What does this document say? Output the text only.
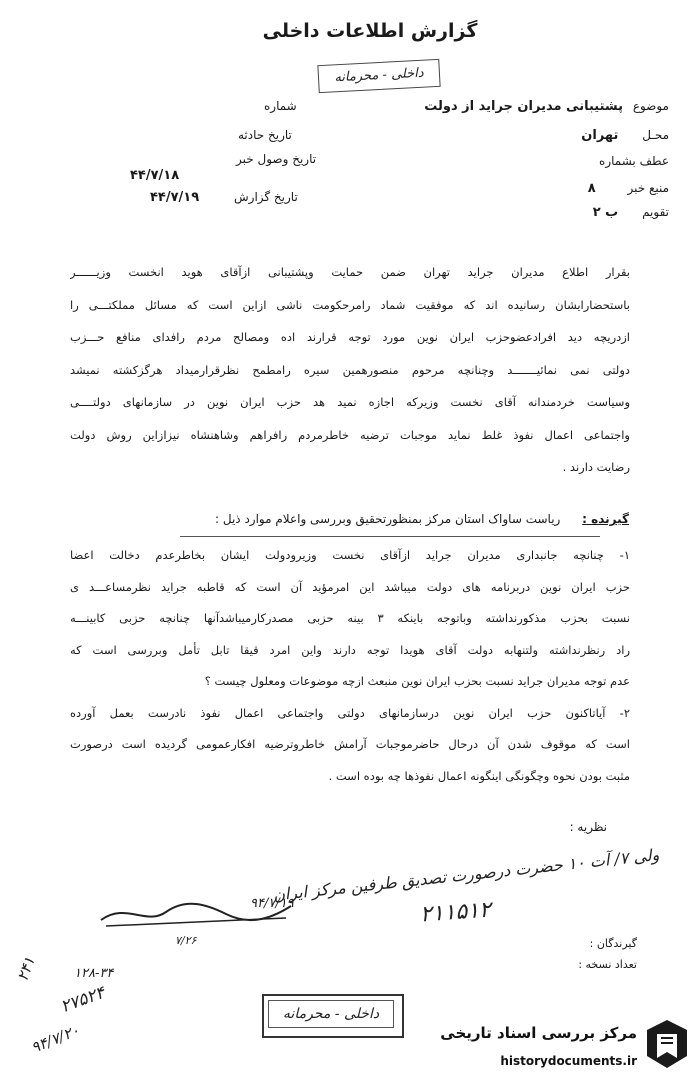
گزارش اطلاعات داخلی
داخلی - محرمانه
موضوع پشتیبانی مدیران جراید از دولت
شماره
محـل تهران
تاریخ حادثه
عطف بشماره
تاریخ وصول خبر
۴۴/۷/۱۸
منبع خبر ۸
تاریخ گزارش
۴۴/۷/۱۹
تقویم ب ۲
بقرار اطلاع مدیران جراید تهران ضمن حمایت وپشتیبانی ازآقای هوید انخست وزیــــــر
باستحضارایشان رسانیده اند که موفقیت شماد رامرحکومت ناشی ازاین است که مسائل مملکتـــی را
ازدریچه دید افرادعضوحزب ایران نوین مورد توجه قرارند اده ومصالح مردم رافدای منافع حـــزب
دولتی نمی نمائیـــــــد وچنانچه مرحوم منصورهمین سیره رامطمح نظرقرارمیداد هرگزکشته نمیشد
وسیاست خردمندانه آقای نخست وزیرکه اجازه نمید هد حزب ایران نوین در سازمانهای دولتــــی
واجتماعی اعمال نفوذ غلط نماید موجبات ترضیه خاطرمردم رافراهم وشاهنشاه نیزازاین روش دولت
رضایت دارند .
گیرنده : ریاست ساواک استان مرکز بمنظورتحقیق وبررسی واعلام موارد ذیل :
۱- چنانچه جانبداری مدیران جراید ازآقای نخست وزیرودولت ایشان بخاطرعدم دخالت اعضا
حزب ایران نوین دربرنامه های دولت میباشد این امرمؤید آن است که قاطبه جراید نظرمساعـــد ی
نسبت بحزب مذکورنداشته وباتوجه باینکه ۳ بینه حزبی مصدرکارمیباشدآنها چنانچه حزبی کابینـــه
راد رنظرنداشته ولتنهابه دولت آقای هویدا توجه دارند واین امرد قیقا تابل تأمل وبررسی است که
عدم توجه مدیران جراید نسبت بحزب ایران نوین منبعث ازچه موضوعات ومعلول چیست ؟
۲- آیاتاکنون حزب ایران نوین درسازمانهای دولتی واجتماعی اعمال نفوذ نادرست بعمل آورده
است که موقوف شدن آن درحال حاضرموجبات آرامش خاطروترضیه افکارعمومی گردیده است درصورت
مثبت بودن نحوه وچگونگی اینگونه اعمال نفوذها چه بوده است .
نظریه :
ولی ۷/ آت ۱۰ حضرت درصورت تصدیق طرفین مرکز ایران
۲۱۱۵۱۲
۹۴/۷/۱۹
۷/۲۶	گیرندگان :
تعداد نسخه :
۲۴۱	۱۲۸-۳۴
۲۷۵۲۴
۹۴/۷/۲۰
داخلی - محرمانه
مرکز بررسی اسناد تاریخی
historydocuments.ir
